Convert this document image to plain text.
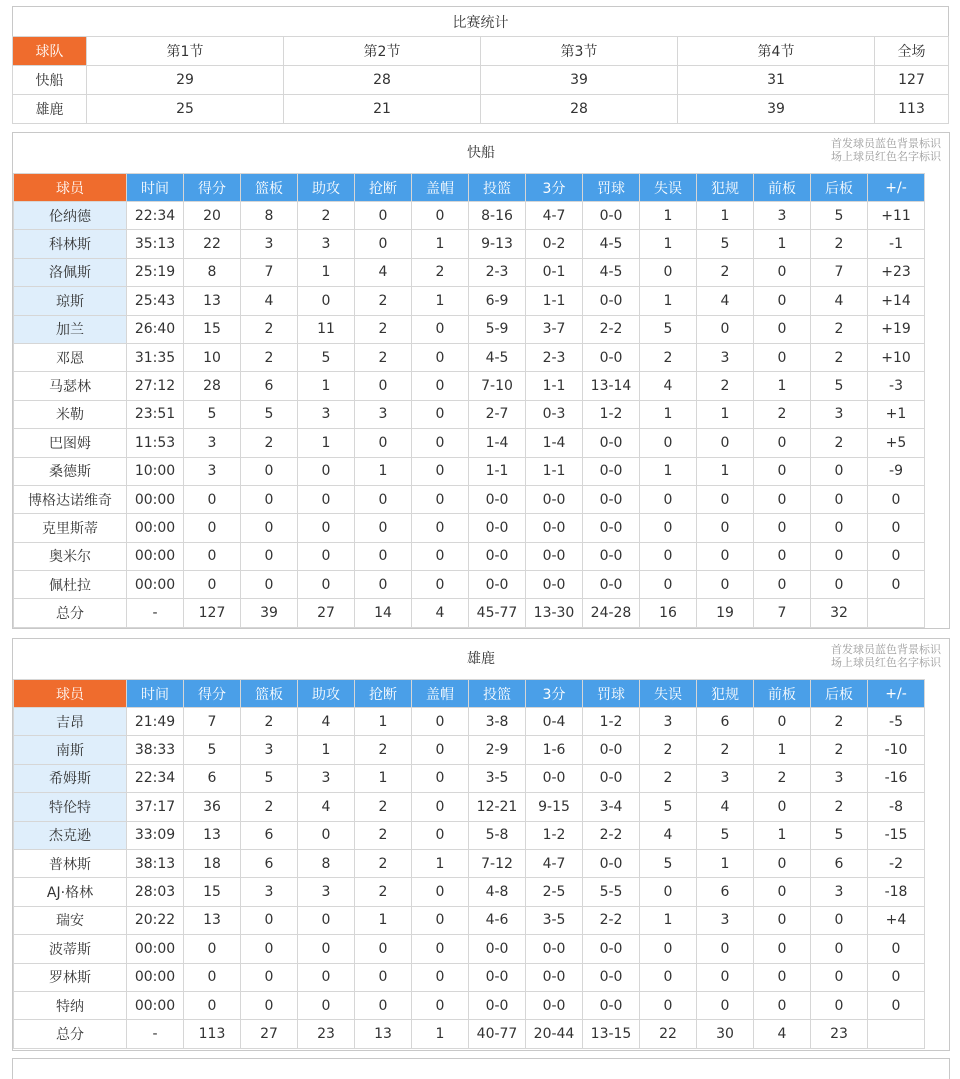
比赛统计					
球队	第1节	第2节	第3节	第4节	全场
快船	29	28	39	31	127
雄鹿	25	21	28	39	113
快船
首发球员蓝色背景标识
场上球员红色名字标识
球员	时间	得分	篮板	助攻	抢断	盖帽	投篮	3分	罚球	失误	犯规	前板	后板	+/-
伦纳德	22:34	20	8	2	0	0	8-16	4-7	0-0	1	1	3	5	+11
科林斯	35:13	22	3	3	0	1	9-13	0-2	4-5	1	5	1	2	-1
洛佩斯	25:19	8	7	1	4	2	2-3	0-1	4-5	0	2	0	7	+23
琼斯	25:43	13	4	0	2	1	6-9	1-1	0-0	1	4	0	4	+14
加兰	26:40	15	2	11	2	0	5-9	3-7	2-2	5	0	0	2	+19
邓恩	31:35	10	2	5	2	0	4-5	2-3	0-0	2	3	0	2	+10
马瑟林	27:12	28	6	1	0	0	7-10	1-1	13-14	4	2	1	5	-3
米勒	23:51	5	5	3	3	0	2-7	0-3	1-2	1	1	2	3	+1
巴图姆	11:53	3	2	1	0	0	1-4	1-4	0-0	0	0	0	2	+5
桑德斯	10:00	3	0	0	1	0	1-1	1-1	0-0	1	1	0	0	-9
博格达诺维奇	00:00	0	0	0	0	0	0-0	0-0	0-0	0	0	0	0	0
克里斯蒂	00:00	0	0	0	0	0	0-0	0-0	0-0	0	0	0	0	0
奥米尔	00:00	0	0	0	0	0	0-0	0-0	0-0	0	0	0	0	0
佩杜拉	00:00	0	0	0	0	0	0-0	0-0	0-0	0	0	0	0	0
总分	-	127	39	27	14	4	45-77	13-30	24-28	16	19	7	32	
雄鹿
首发球员蓝色背景标识
场上球员红色名字标识
球员	时间	得分	篮板	助攻	抢断	盖帽	投篮	3分	罚球	失误	犯规	前板	后板	+/-
吉昂	21:49	7	2	4	1	0	3-8	0-4	1-2	3	6	0	2	-5
南斯	38:33	5	3	1	2	0	2-9	1-6	0-0	2	2	1	2	-10
希姆斯	22:34	6	5	3	1	0	3-5	0-0	0-0	2	3	2	3	-16
特伦特	37:17	36	2	4	2	0	12-21	9-15	3-4	5	4	0	2	-8
杰克逊	33:09	13	6	0	2	0	5-8	1-2	2-2	4	5	1	5	-15
普林斯	38:13	18	6	8	2	1	7-12	4-7	0-0	5	1	0	6	-2
AJ·格林	28:03	15	3	3	2	0	4-8	2-5	5-5	0	6	0	3	-18
瑞安	20:22	13	0	0	1	0	4-6	3-5	2-2	1	3	0	0	+4
波蒂斯	00:00	0	0	0	0	0	0-0	0-0	0-0	0	0	0	0	0
罗林斯	00:00	0	0	0	0	0	0-0	0-0	0-0	0	0	0	0	0
特纳	00:00	0	0	0	0	0	0-0	0-0	0-0	0	0	0	0	0
总分	-	113	27	23	13	1	40-77	20-44	13-15	22	30	4	23	
